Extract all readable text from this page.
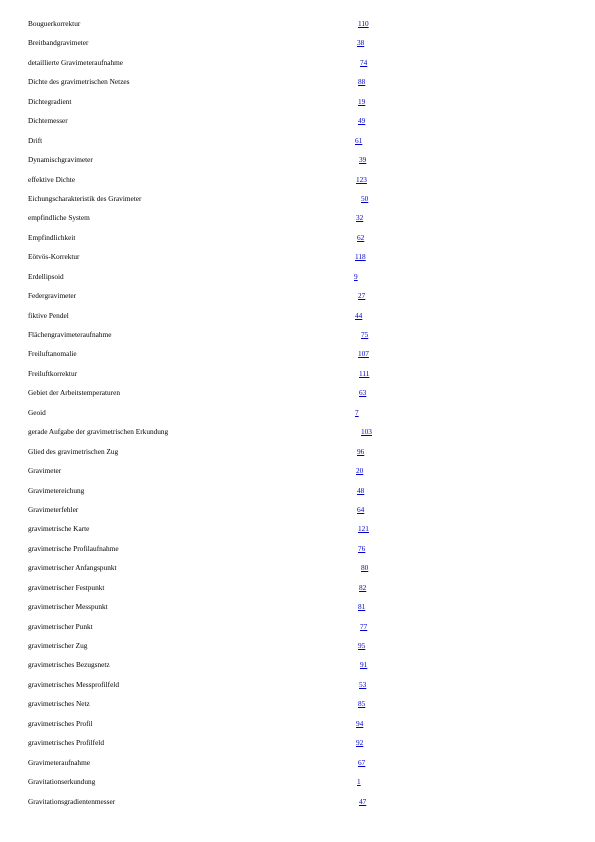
Bouguerkorrektur	110
Breitbandgravimeter	38
detaillierte Gravimeteraufnahme	74
Dichte des gravimetrischen Netzes	88
Dichtegradient	19
Dichtemesser	49
Drift	61
Dynamischgravimeter	39
effektive Dichte	123
Eichungscharakteristik des Gravimeter	50
empfindliche System	32
Empfindlichkeit	62
Eötvös-Korrektur	118
Erdellipsoid	9
Federgravimeter	27
fiktive Pendel	44
Flächengravimeteraufnahme	75
Freiluftanomalie	107
Freiluftkorrektur	111
Gebiet der Arbeitstemperaturen	63
Geoid	7
gerade Aufgabe der gravimetrischen Erkundung	103
Glied des gravimetrischen Zug	96
Gravimeter	20
Gravimetereichung	48
Gravimeterfehler	64
gravimetrische Karte	121
gravimetrische Profilaufnahme	76
gravimetrischer Anfangspunkt	80
gravimetrischer Festpunkt	82
gravimetrischer Messpunkt	81
gravimetrischer Punkt	77
gravimetrischer Zug	95
gravimetrisches Bezugsnetz	91
gravimetrisches Messprofilfeld	53
gravimetrisches Netz	85
gravimetrisches Profil	94
gravimetrisches Profilfeld	92
Gravimeteraufnahme	67
Gravitationserkundung	1
Gravitationsgradientenmesser	47
